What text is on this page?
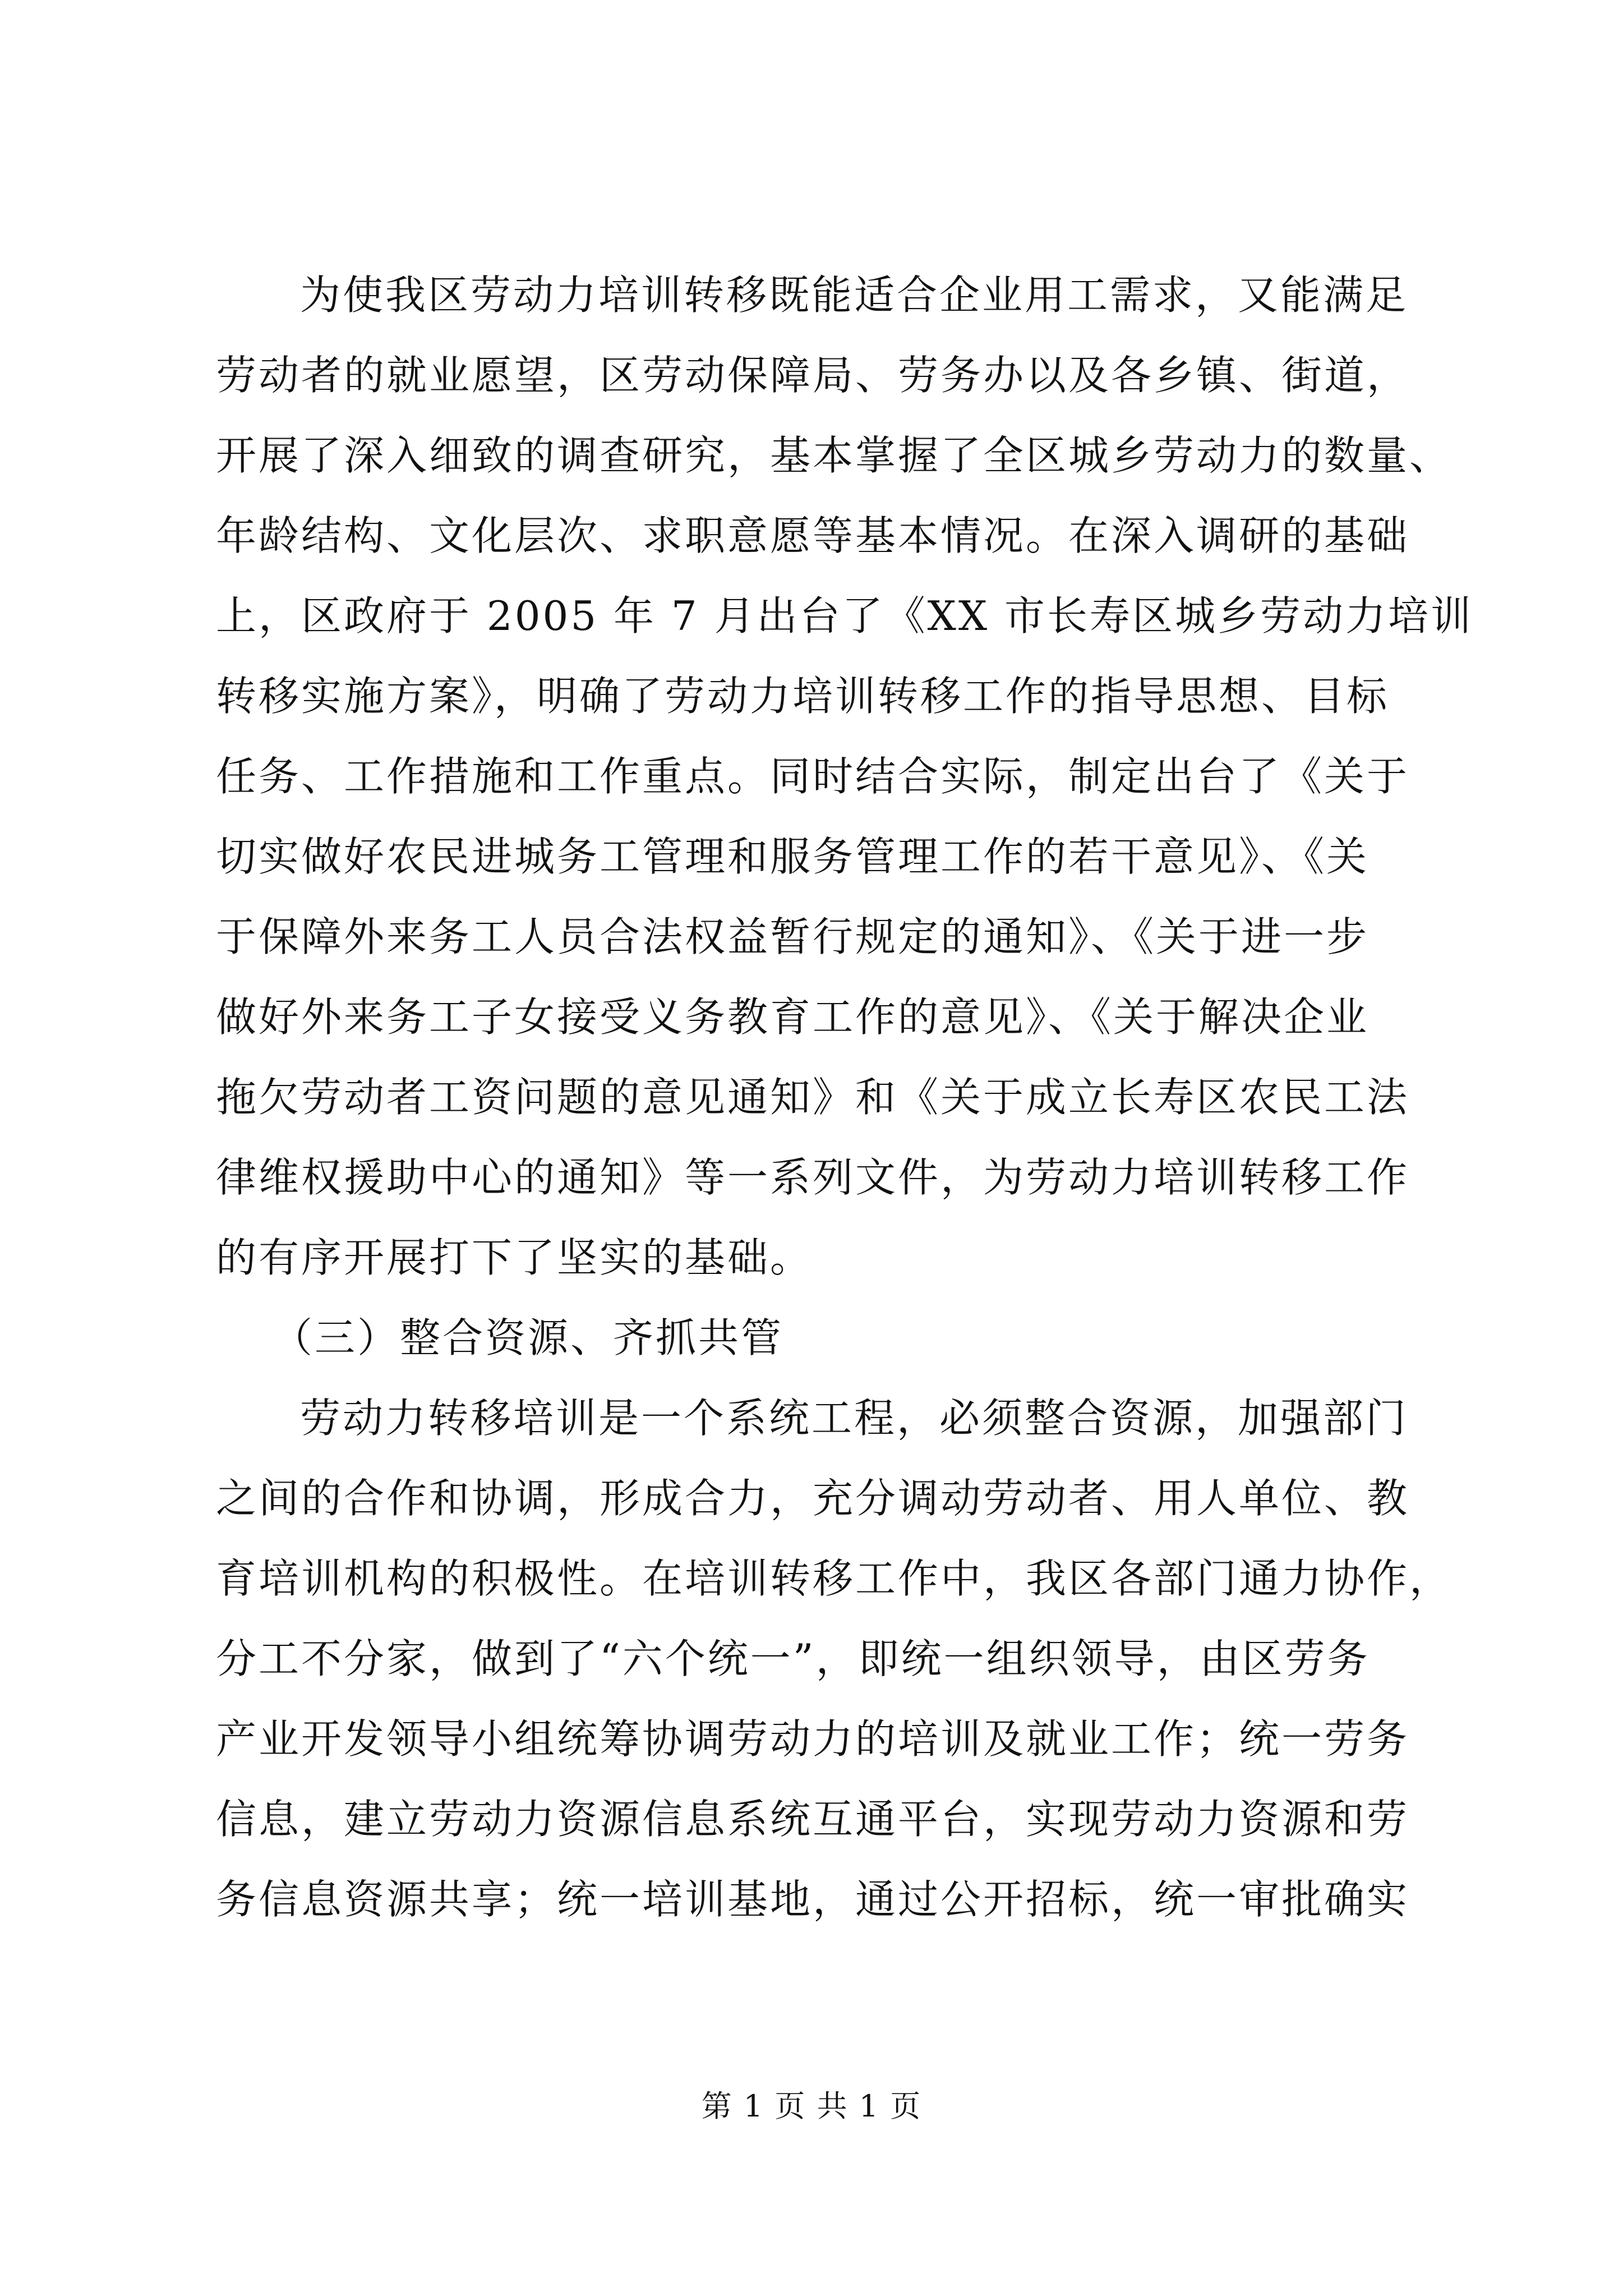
为使我区劳动力培训转移既能适合企业用工需求，又能满足
劳动者的就业愿望，区劳动保障局、劳务办以及各乡镇、街道，
开展了深入细致的调查研究，基本掌握了全区城乡劳动力的数量、
年龄结构、文化层次、求职意愿等基本情况。在深入调研的基础
上，区政府于 2005 年 7 月出台了《XX 市长寿区城乡劳动力培训
转移实施方案》，明确了劳动力培训转移工作的指导思想、目标
任务、工作措施和工作重点。同时结合实际，制定出台了《关于
切实做好农民进城务工管理和服务管理工作的若干意见》、《关
于保障外来务工人员合法权益暂行规定的通知》、《关于进一步
做好外来务工子女接受义务教育工作的意见》、《关于解决企业
拖欠劳动者工资问题的意见通知》和《关于成立长寿区农民工法
律维权援助中心的通知》等一系列文件，为劳动力培训转移工作
的有序开展打下了坚实的基础。
（三）整合资源、齐抓共管
劳动力转移培训是一个系统工程，必须整合资源，加强部门
之间的合作和协调，形成合力，充分调动劳动者、用人单位、教
育培训机构的积极性。在培训转移工作中，我区各部门通力协作，
分工不分家，做到了“六个统一”，即统一组织领导，由区劳务
产业开发领导小组统筹协调劳动力的培训及就业工作；统一劳务
信息，建立劳动力资源信息系统互通平台，实现劳动力资源和劳
务信息资源共享；统一培训基地，通过公开招标，统一审批确实
第 1 页 共 1 页
